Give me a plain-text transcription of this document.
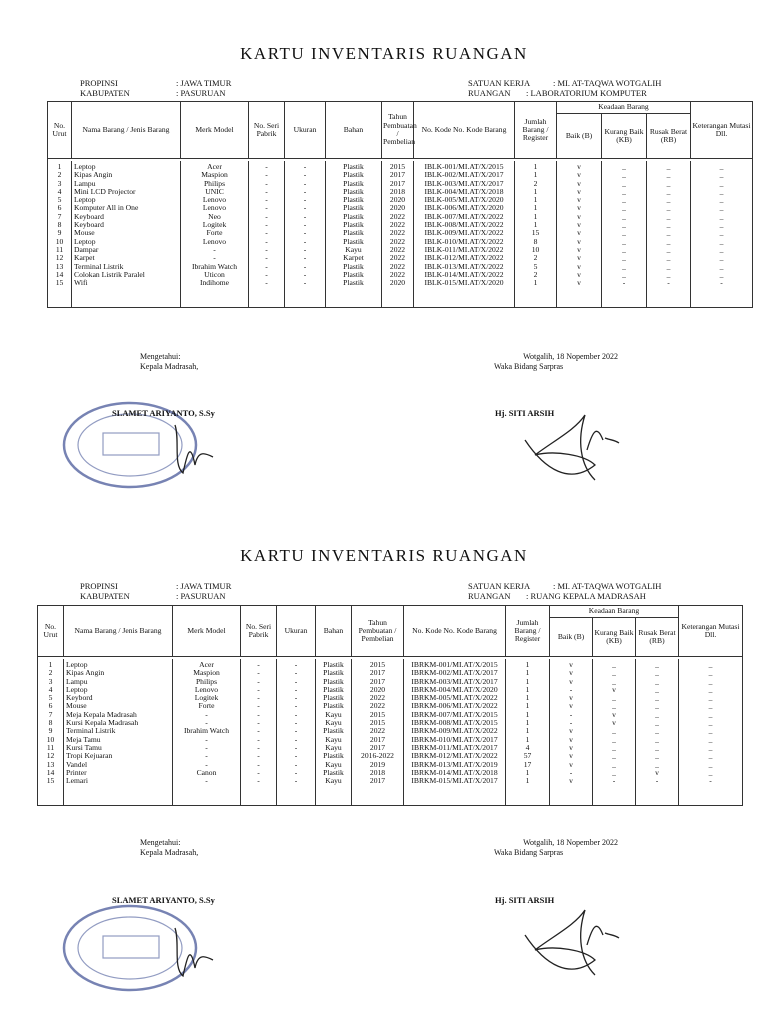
KARTU INVENTARIS RUANGAN
PROPINSI	: JAWA TIMUR
KABUPATEN	: PASURUAN
SATUAN KERJA	: MI. AT-TAQWA WOTGALIH
RUANGAN : LABORATORIUM KOMPUTER
No. Urut	Nama Barang / Jenis Barang	Merk Model	No. Seri Pabrik	Ukuran	Bahan	Tahun Pembuatan / Pembelian	No. Kode No. Kode Barang	Jumlah Barang / Register	Keadaan Barang			Keterangan Mutasi Dll.
									Baik (B)	Kurang Baik (KB)	Rusak Berat (RB)	

1	Leptop	Acer	-	-	Plastik	2015	IBLK-001/MI.AT/X/2015	1	v	_	_	_
2	Kipas Angin	Maspion	-	-	Plastik	2017	IBLK-002/MI.AT/X/2017	1	v	_	_	_
3	Lampu	Philips	-	-	Plastik	2017	IBLK-003/MI.AT/X/2017	2	v	_	_	_
4	Mini LCD Projector	UNIC	-	-	Plastik	2018	IBLK-004/MI.AT/X/2018	1	v	_	_	_
5	Leptop	Lenovo	-	-	Plastik	2020	IBLK-005/MI.AT/X/2020	1	v	_	_	_
6	Komputer All in One	Lenovo	-	-	Plastik	2020	IBLK-006/MI.AT/X/2020	1	v	_	_	_
7	Keyboard	Neo	-	-	Plastik	2022	IBLK-007/MI.AT/X/2022	1	v	_	_	_
8	Keyboard	Logitek	-	-	Plastik	2022	IBLK-008/MI.AT/X/2022	1	v	_	_	_
9	Mouse	Forte	-	-	Plastik	2022	IBLK-009/MI.AT/X/2022	15	v	_	_	_
10	Leptop	Lenovo	-	-	Plastik	2022	IBLK-010/MI.AT/X/2022	8	v	_	_	_
11	Dampar	-	-	-	Kayu	2022	IBLK-011/MI.AT/X/2022	10	v	_	_	_
12	Karpet	-	-	-	Karpet	2022	IBLK-012/MI.AT/X/2022	2	v	_	_	_
13	Terminal Listrik	Ibrahim Watch	-	-	Plastik	2022	IBLK-013/MI.AT/X/2022	5	v	_	_	_
14	Colokan Listrik Paralel	Uticon	-	-	Plastik	2022	IBLK-014/MI.AT/X/2022	2	v	_	_	_
15	Wifi	Indihome	-	-	Plastik	2020	IBLK-015/MI.AT/X/2020	1	v	-	-	-

Mengetahui:
Kepala Madrasah,
Wotgalih, 18 Nopember 2022
Waka Bidang Sarpras
SLAMET ARIYANTO, S.Sy	Hj. SITI ARSIH
KARTU INVENTARIS RUANGAN
PROPINSI	: JAWA TIMUR
KABUPATEN	: PASURUAN
SATUAN KERJA	: MI. AT-TAQWA WOTGALIH
RUANGAN : RUANG KEPALA MADRASAH
No. Urut	Nama Barang / Jenis Barang	Merk Model	No. Seri Pabrik	Ukuran	Bahan	Tahun Pembuatan / Pembelian	No. Kode No. Kode Barang	Jumlah Barang / Register	Keadaan Barang			Keterangan Mutasi Dll.
									Baik (B)	Kurang Baik (KB)	Rusak Berat (RB)	

1	Leptop	Acer	-	-	Plastik	2015	IBRKM-001/MI.AT/X/2015	1	v	_	_	_
2	Kipas Angin	Maspion	-	-	Plastik	2017	IBRKM-002/MI.AT/X/2017	1	v	_	_	_
3	Lampu	Philips	-	-	Plastik	2017	IBRKM-003/MI.AT/X/2017	1	v	_	_	_
4	Leptop	Lenovo	-	-	Plastik	2020	IBRKM-004/MI.AT/X/2020	1	-	v	_	_
5	Keybord	Logitek	-	-	Plastik	2022	IBRKM-005/MI.AT/X/2022	1	v	_	_	_
6	Mouse	Forte	-	-	Plastik	2022	IBRKM-006/MI.AT/X/2022	1	v	_	_	_
7	Meja Kepala Madrasah	-	-	-	Kayu	2015	IBRKM-007/MI.AT/X/2015	1	-	v	_	_
8	Kursi Kepala Madrasah	-	-	-	Kayu	2015	IBRKM-008/MI.AT/X/2015	1	-	v	_	_
9	Terminal Listrik	Ibrahim Watch	-	-	Plastik	2022	IBRKM-009/MI.AT/X/2022	1	v	_	_	_
10	Meja Tamu	-	-	-	Kayu	2017	IBRKM-010/MI.AT/X/2017	1	v	_	_	_
11	Kursi Tamu	-	-	-	Kayu	2017	IBRKM-011/MI.AT/X/2017	4	v	_	_	_
12	Tropi Kejuaran	-	-	-	Plastik	2016-2022	IBRKM-012/MI.AT/X/2022	57	v	_	_	_
13	Vandel	-	-	-	Kayu	2019	IBRKM-013/MI.AT/X/2019	17	v	_	_	_
14	Printer	Canon	-	-	Plastik	2018	IBRKM-014/MI.AT/X/2018	1	-	_	v	_
15	Lemari	-	-	-	Kayu	2017	IBRKM-015/MI.AT/X/2017	1	v	-	-	-

Mengetahui:
Kepala Madrasah,
Wotgalih, 18 Nopember 2022
Waka Bidang Sarpras
SLAMET ARIYANTO, S.Sy	Hj. SITI ARSIH
